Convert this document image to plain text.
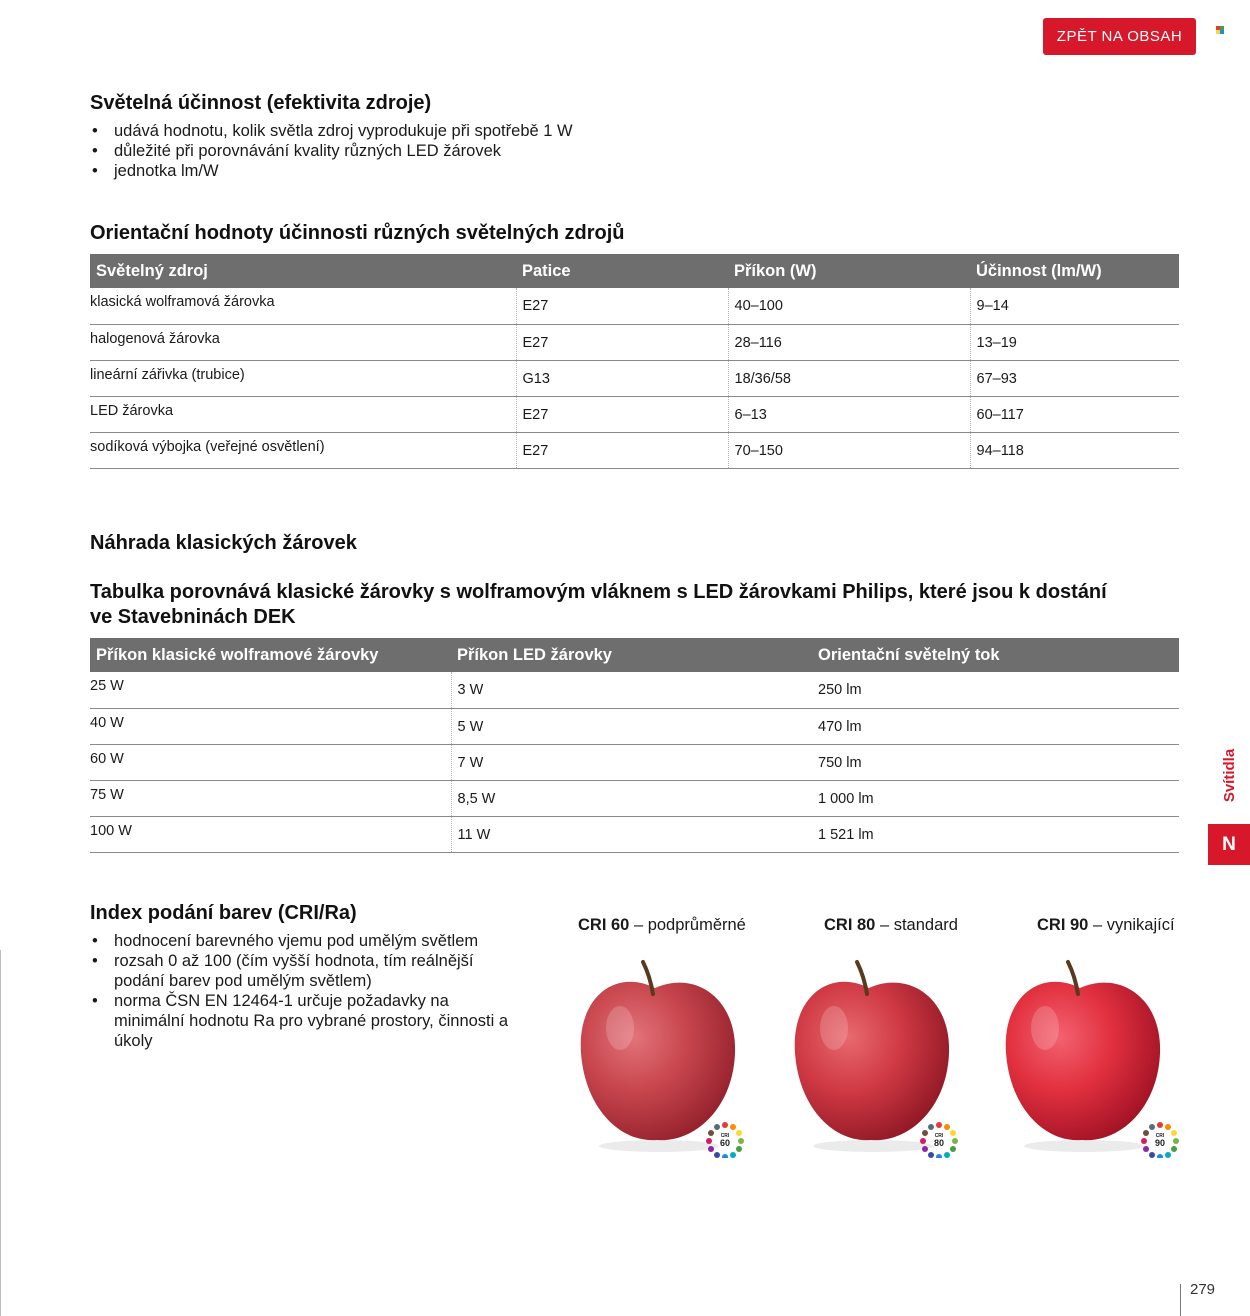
ZPĚT NA OBSAH
Světelná účinnost (efektivita zdroje)
• udává hodnotu, kolik světla zdroj vyprodukuje při spotřebě 1 W
• důležité při porovnávání kvality různých LED žárovek
• jednotka lm/W
Orientační hodnoty účinnosti různých světelných zdrojů
Světelný zdroj	Patice	Příkon (W)	Účinnost (lm/W)

klasická wolframová žárovka	E27	40–100	9–14

halogenová žárovka	E27	28–116	13–19

lineární zářivka (trubice)	G13	18/36/58	67–93

LED žárovka	E27	6–13	60–117

sodíková výbojka (veřejné osvětlení)	E27	70–150	94–118
Náhrada klasických žárovek
Tabulka porovnává klasické žárovky s wolframovým vláknem s LED žárovkami Philips, které jsou k dostání
ve Stavebninách DEK
Příkon klasické wolframové žárovky	Příkon LED žárovky	Orientační světelný tok

25 W	3 W	250 lm

40 W	5 W	470 lm

60 W	7 W	750 lm

75 W	8,5 W	1 000 lm

100 W	11 W	1 521 lm
Index podání barev (CRI/Ra)
• hodnocení barevného vjemu pod umělým světlem
• rozsah 0 až 100 (čím vyšší hodnota, tím reálnější podání barev pod umělým světlem)
• norma ČSN EN 12464-1 určuje požadavky na minimální hodnotu Ra pro vybrané prostory, činnosti a úkoly
CRI 60 – podprůměrné	CRI 80 – standard	CRI 90 – vynikající
CRI
60
CRI
80
CRI
90
Svítidla
N
279
